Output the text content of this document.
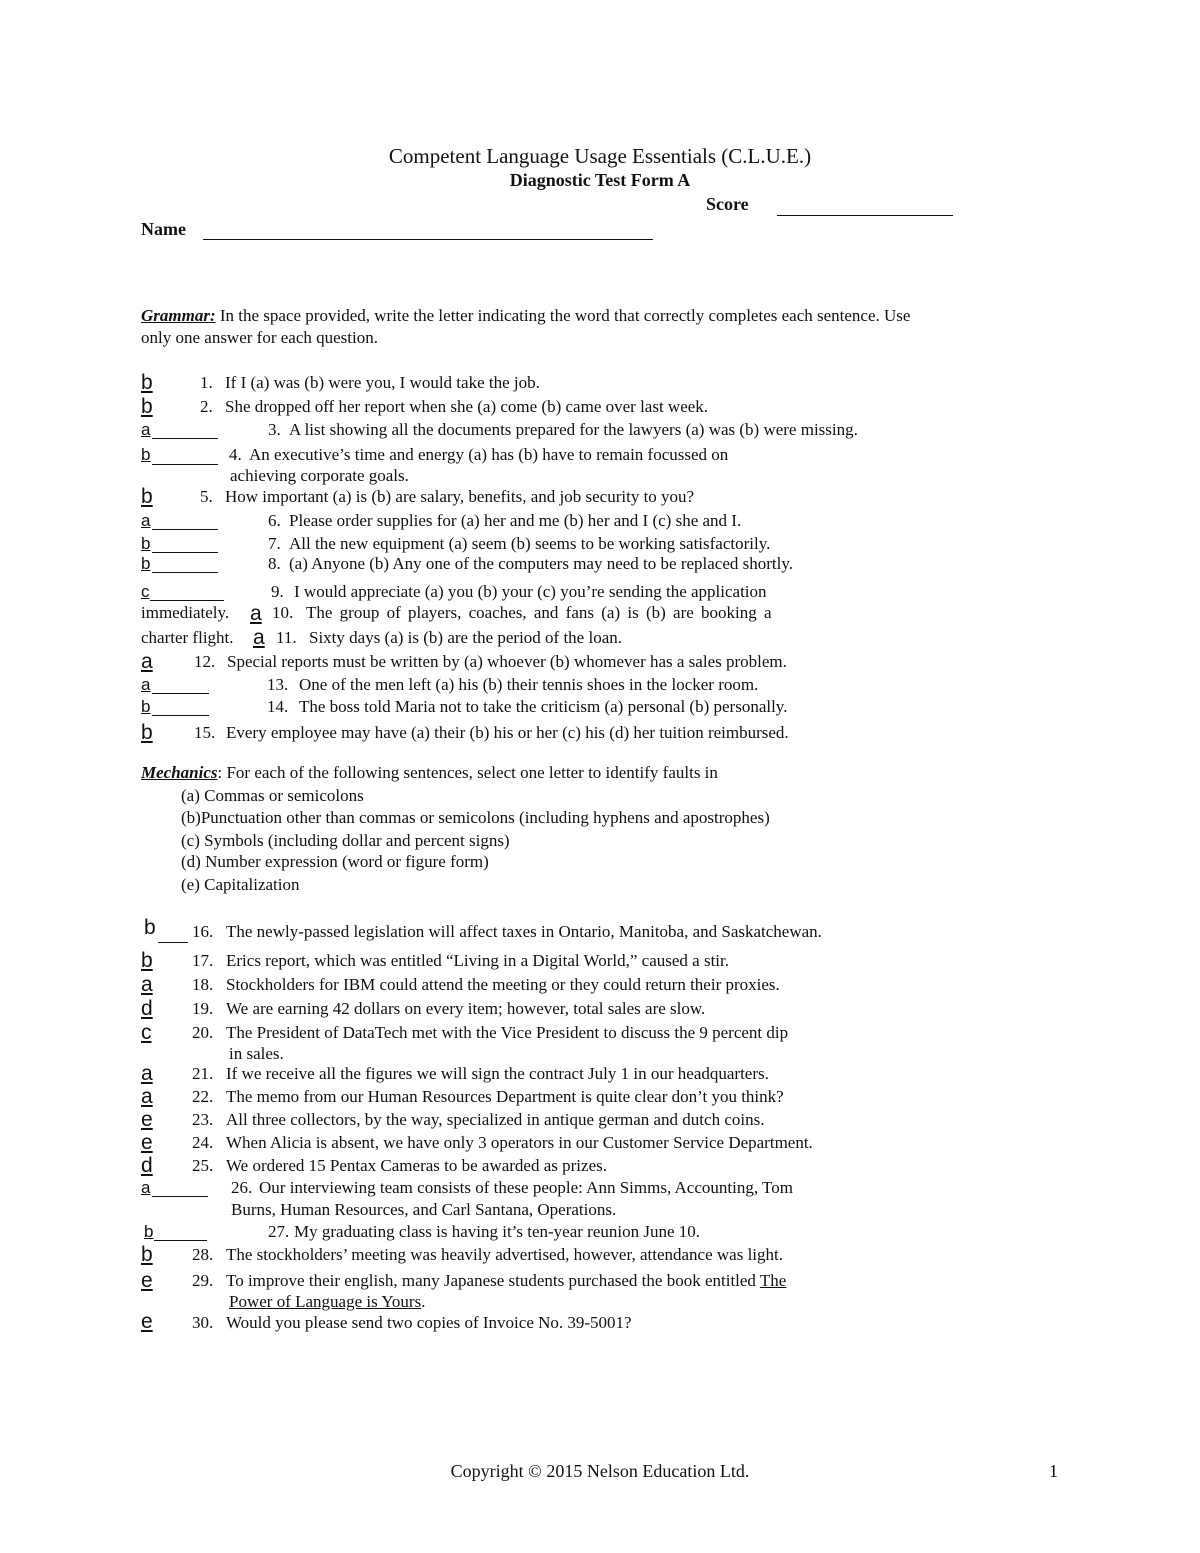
Competent Language Usage Essentials (C.L.U.E.)
Diagnostic Test Form A
Score
Name
Grammar: In the space provided, write the letter indicating the word that correctly completes each sentence. Use
only one answer for each question.
b	1. If I (a) was (b) were you, I would take the job.
b	2. She dropped off her report when she (a) come (b) came over last week.
a	3. A list showing all the documents prepared for the lawyers (a) was (b) were missing.
b	4. An executive’s time and energy (a) has (b) have to remain focussed on
achieving corporate goals.
b	5. How important (a) is (b) are salary, benefits, and job security to you?
a	6. Please order supplies for (a) her and me (b) her and I (c) she and I.
b	7. All the new equipment (a) seem (b) seems to be working satisfactorily.
b	8. (a) Anyone (b) Any one of the computers may need to be replaced shortly.
c	9. I would appreciate (a) you (b) your (c) you’re sending the application
immediately. a 10. The group of players, coaches, and fans (a) is (b) are booking a
charter flight. a 11. Sixty days (a) is (b) are the period of the loan.
a 12. Special reports must be written by (a) whoever (b) whomever has a sales problem.
a	13. One of the men left (a) his (b) their tennis shoes in the locker room.
b	14. The boss told Maria not to take the criticism (a) personal (b) personally.
b 15. Every employee may have (a) their (b) his or her (c) his (d) her tuition reimbursed.
Mechanics: For each of the following sentences, select one letter to identify faults in
(a) Commas or semicolons
(b)Punctuation other than commas or semicolons (including hyphens and apostrophes)
(c) Symbols (including dollar and percent signs)
(d) Number expression (word or figure form)
(e) Capitalization
b 16. The newly-passed legislation will affect taxes in Ontario, Manitoba, and Saskatchewan.
b 17. Erics report, which was entitled “Living in a Digital World,” caused a stir.
a 18. Stockholders for IBM could attend the meeting or they could return their proxies.
d 19. We are earning 42 dollars on every item; however, total sales are slow.
c 20. The President of DataTech met with the Vice President to discuss the 9 percent dip
in sales.
a 21. If we receive all the figures we will sign the contract July 1 in our headquarters.
a 22. The memo from our Human Resources Department is quite clear don’t you think?
e 23. All three collectors, by the way, specialized in antique german and dutch coins.
e 24. When Alicia is absent, we have only 3 operators in our Customer Service Department.
d 25. We ordered 15 Pentax Cameras to be awarded as prizes.
a	26. Our interviewing team consists of these people: Ann Simms, Accounting, Tom
Burns, Human Resources, and Carl Santana, Operations.
b	27. My graduating class is having it’s ten-year reunion June 10.
b 28. The stockholders’ meeting was heavily advertised, however, attendance was light.
e 29. To improve their english, many Japanese students purchased the book entitled The
Power of Language is Yours.
e 30. Would you please send two copies of Invoice No. 39-5001?
Copyright © 2015 Nelson Education Ltd.	1
